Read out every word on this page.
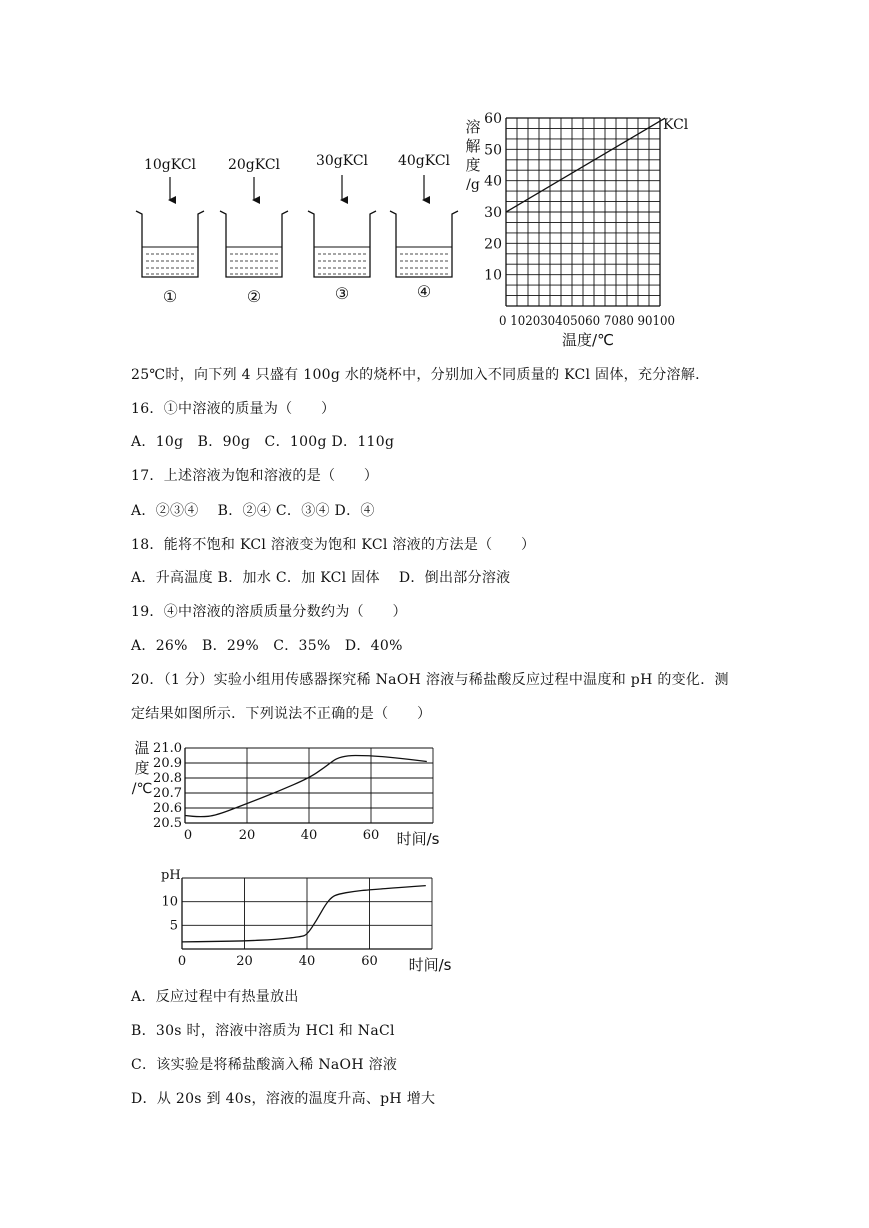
10gKCl
①
20gKCl
②
30gKCl
③
40gKCl
④
10
20
30
40
50
60
溶
解
度
/g
0 102030405060 7080 90100
温度/℃
KCl
25℃时，向下列 4 只盛有 100g 水的烧杯中，分别加入不同质量的 KCl 固体，充分溶解.
16．①中溶液的质量为（　　）
A．10g　B．90g　C．100g D．110g
17．上述溶液为饱和溶液的是（　　）
A．②③④　 B．②④ C．③④ D．④
18．能将不饱和 KCl 溶液变为饱和 KCl 溶液的方法是（　　）
A．升高温度 B．加水 C．加 KCl 固体　 D．倒出部分溶液
19．④中溶液的溶质质量分数约为（　　）
A．26%　B．29%　C．35%　D．40%
20．（1 分）实验小组用传感器探究稀 NaOH 溶液与稀盐酸反应过程中温度和 pH 的变化．测
定结果如图所示．下列说法不正确的是（　　）
温
度
/℃
21.0
20.9
20.8
20.7
20.6
20.5
0	20	40	60 时间/s
pH
10
5
0	20	40	60 时间/s
A．反应过程中有热量放出
B．30s 时，溶液中溶质为 HCl 和 NaCl
C．该实验是将稀盐酸滴入稀 NaOH 溶液
D．从 20s 到 40s，溶液的温度升高、pH 增大
